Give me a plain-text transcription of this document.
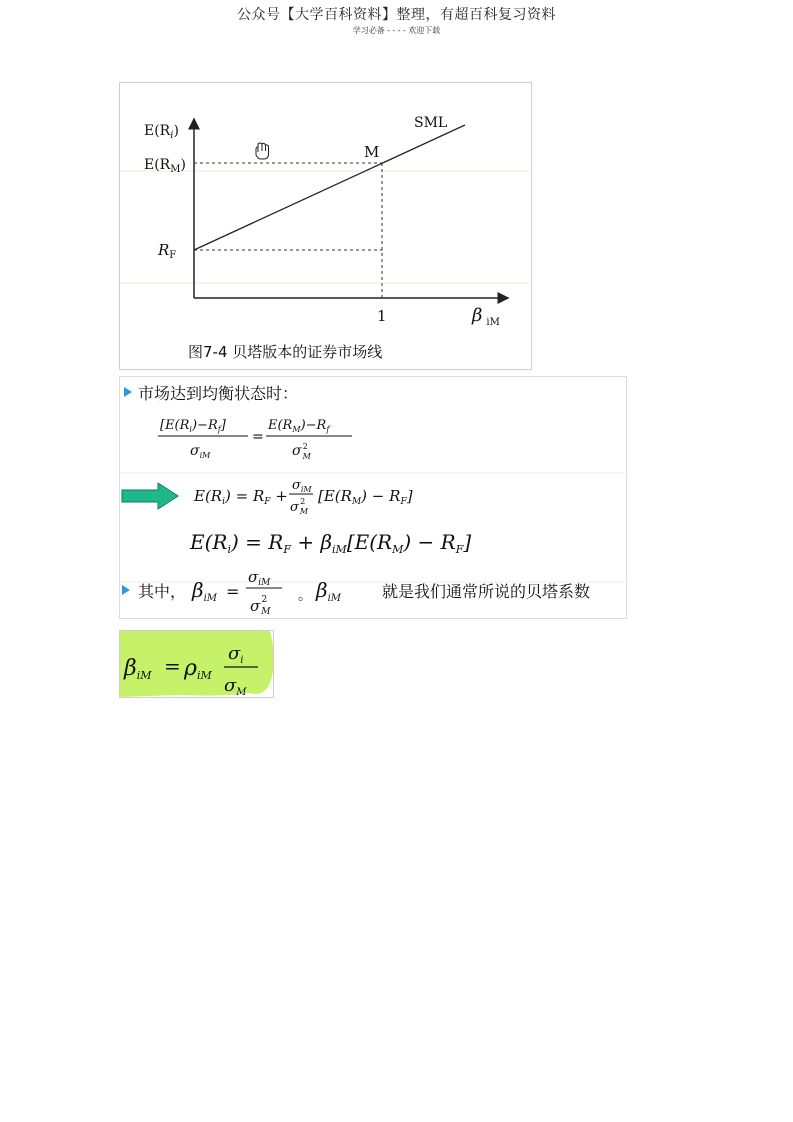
公众号【大学百科资料】整理，有超百科复习资料
学习必备 - - - - 欢迎下载
$E(R_i)$
$E(R_M)$
$R_F$
SML
M
1	β $_{iM}$
图7-4 贝塔版本的证券市场线
市场达到均衡状态时：
$[E(R_i)-R_f]$
$\sigma_{iM}$
=
$E(R_M)-R_f$
$\sigma_M2$
$E(R_i) = R_F$ +
$\sigma_{iM}$
$\sigma_M2$ $[E(R_M) - R_F]$
$E(R_i) = R_F + \beta_{iM}[E(R_M) - R_F]$
$\beta_{iM}$ =
$\sigma_{iM}$
$\sigma_M2$ $\beta_{iM}$
其中，	。	就是我们通常所说的贝塔系数
βiM = ρiM
$\sigma_i$
$\sigma_M$
